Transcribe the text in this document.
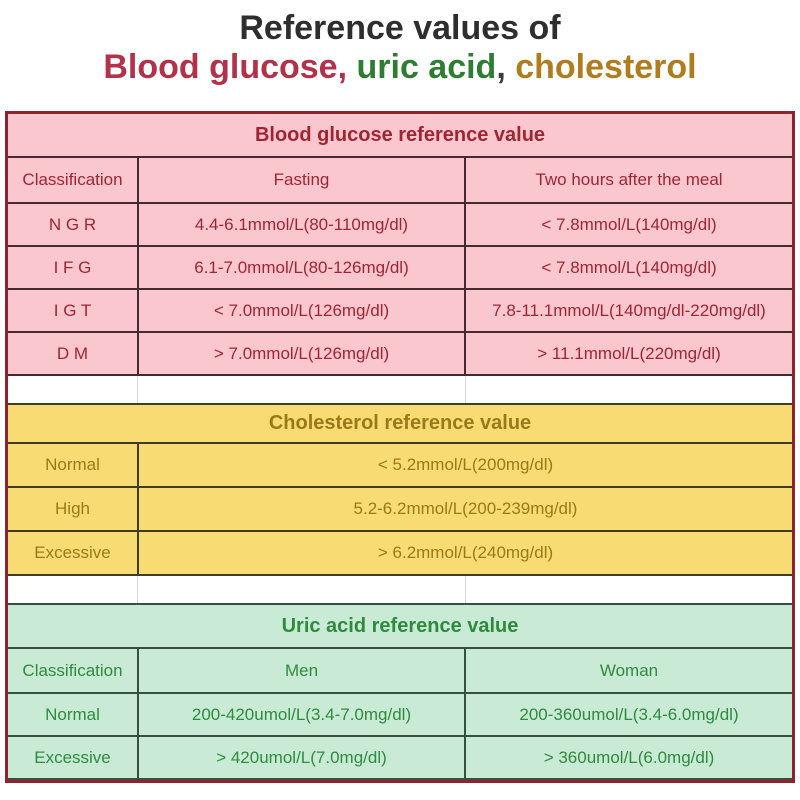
Reference values of
Blood glucose, uric acid, cholesterol
Blood glucose reference value		
Classification	Fasting	Two hours after the meal
N G R	4.4-6.1mmol/L(80-110mg/dl)	< 7.8mmol/L(140mg/dl)
I F G	6.1-7.0mmol/L(80-126mg/dl)	< 7.8mmol/L(140mg/dl)
I G T	< 7.0mmol/L(126mg/dl)	7.8-11.1mmol/L(140mg/dl-220mg/dl)
D M	> 7.0mmol/L(126mg/dl)	> 11.1mmol/L(220mg/dl)
Cholesterol reference value	
Normal	< 5.2mmol/L(200mg/dl)
High	5.2-6.2mmol/L(200-239mg/dl)
Excessive	> 6.2mmol/L(240mg/dl)
Uric acid reference value		
Classification	Men	Woman
Normal	200-420umol/L(3.4-7.0mg/dl)	200-360umol/L(3.4-6.0mg/dl)
Excessive	> 420umol/L(7.0mg/dl)	> 360umol/L(6.0mg/dl)
